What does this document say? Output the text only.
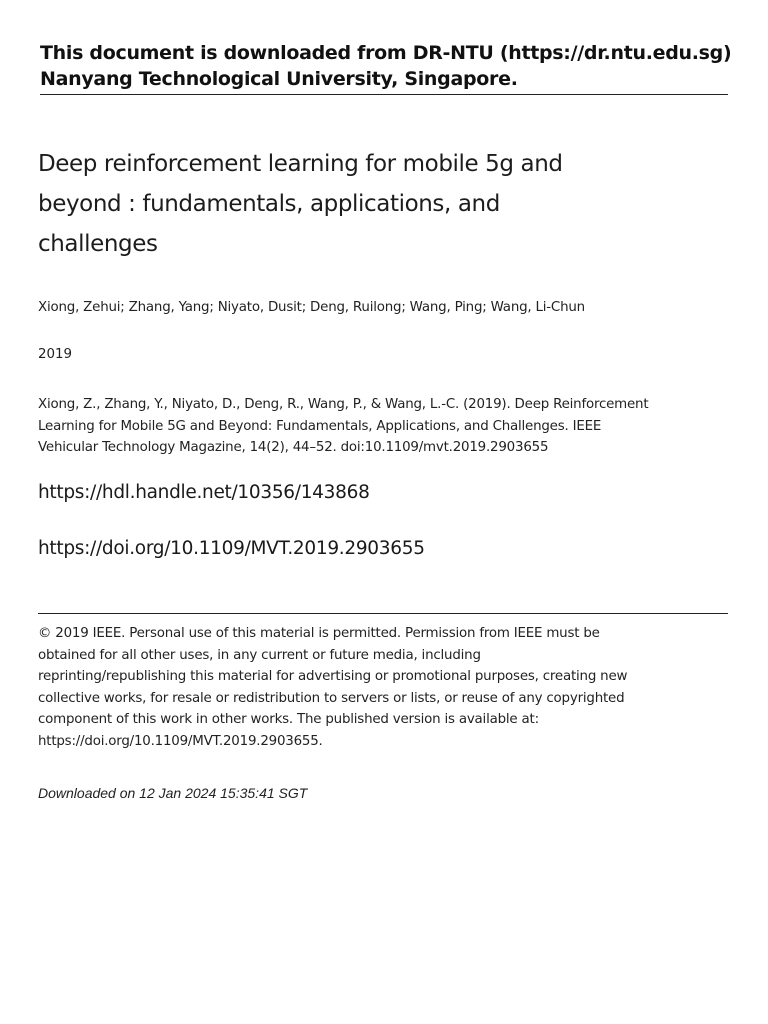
This document is downloaded from DR‑NTU (https://dr.ntu.edu.sg)
Nanyang Technological University, Singapore.
Deep reinforcement learning for mobile 5g and
beyond : fundamentals, applications, and
challenges
Xiong, Zehui; Zhang, Yang; Niyato, Dusit; Deng, Ruilong; Wang, Ping; Wang, Li‑Chun
2019
Xiong, Z., Zhang, Y., Niyato, D., Deng, R., Wang, P., & Wang, L.‑C. (2019). Deep Reinforcement
Learning for Mobile 5G and Beyond: Fundamentals, Applications, and Challenges. IEEE
Vehicular Technology Magazine, 14(2), 44–52. doi:10.1109/mvt.2019.2903655
https://hdl.handle.net/10356/143868
https://doi.org/10.1109/MVT.2019.2903655
© 2019 IEEE. Personal use of this material is permitted. Permission from IEEE must be
obtained for all other uses, in any current or future media, including
reprinting/republishing this material for advertising or promotional purposes, creating new
collective works, for resale or redistribution to servers or lists, or reuse of any copyrighted
component of this work in other works. The published version is available at:
https://doi.org/10.1109/MVT.2019.2903655.
Downloaded on 12 Jan 2024 15:35:41 SGT
